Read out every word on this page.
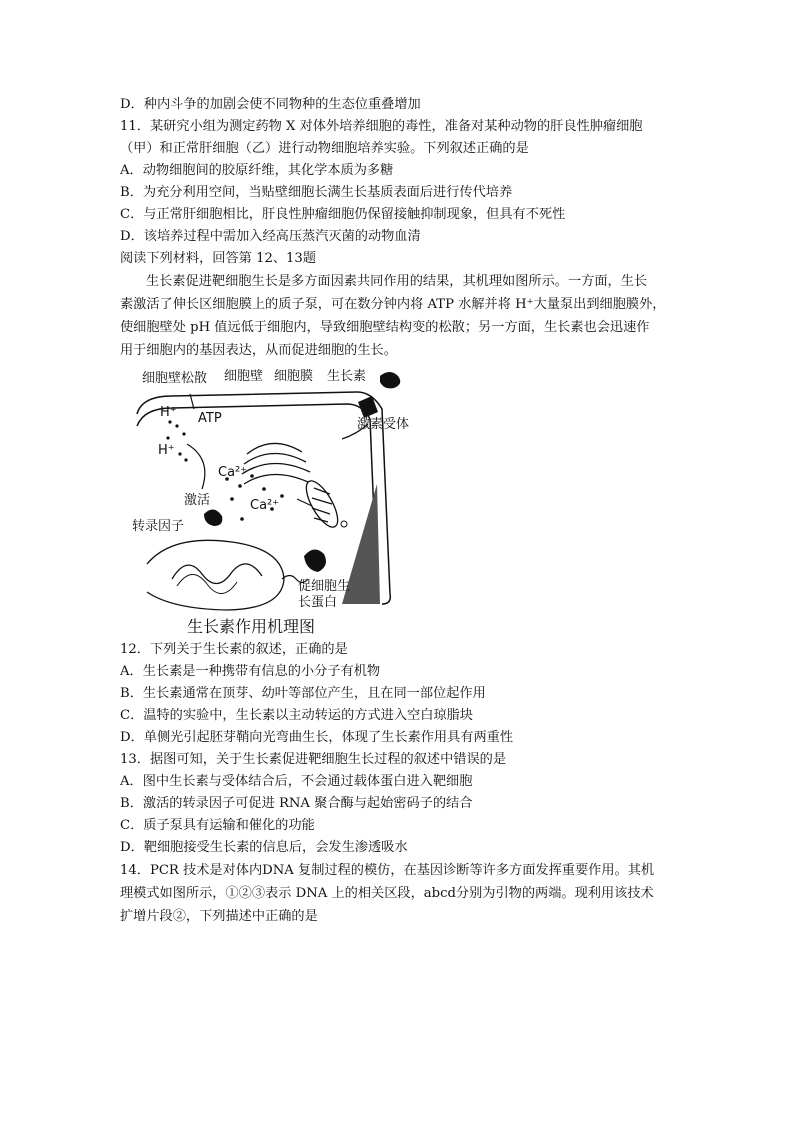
D．种内斗争的加剧会使不同物种的生态位重叠增加
11．某研究小组为测定药物 X 对体外培养细胞的毒性，准备对某种动物的肝良性肿瘤细胞
（甲）和正常肝细胞（乙）进行动物细胞培养实验。下列叙述正确的是
A．动物细胞间的胶原纤维，其化学本质为多糖
B．为充分利用空间，当贴壁细胞长满生长基质表面后进行传代培养
C．与正常肝细胞相比，肝良性肿瘤细胞仍保留接触抑制现象，但具有不死性
D．该培养过程中需加入经高压蒸汽灭菌的动物血清
阅读下列材料，回答第 12、13题
生长素促进靶细胞生长是多方面因素共同作用的结果，其机理如图所示。一方面，生长
素激活了伸长区细胞膜上的质子泵，可在数分钟内将 ATP 水解并将 H⁺大量泵出到细胞膜外，
使细胞壁处 pH 值远低于细胞内，导致细胞壁结构变的松散；另一方面，生长素也会迅速作
用于细胞内的基因表达，从而促进细胞的生长。
细胞壁松散 细胞壁 细胞膜 生长素
激素受体
ATP
H⁺
H⁺
Ca²⁺
Ca²⁺
激活
转录因子
促细胞生
长蛋白
生长素作用机理图
12．下列关于生长素的叙述，正确的是
A．生长素是一种携带有信息的小分子有机物
B．生长素通常在顶芽、幼叶等部位产生，且在同一部位起作用
C．温特的实验中，生长素以主动转运的方式进入空白琼脂块
D．单侧光引起胚芽鞘向光弯曲生长，体现了生长素作用具有两重性
13．据图可知，关于生长素促进靶细胞生长过程的叙述中错误的是
A．图中生长素与受体结合后，不会通过载体蛋白进入靶细胞
B．激活的转录因子可促进 RNA 聚合酶与起始密码子的结合
C．质子泵具有运输和催化的功能
D．靶细胞接受生长素的信息后，会发生渗透吸水
14．PCR 技术是对体内DNA 复制过程的模仿，在基因诊断等许多方面发挥重要作用。其机
理模式如图所示，①②③表示 DNA 上的相关区段，abcd分别为引物的两端。现利用该技术
扩增片段②，下列描述中正确的是
